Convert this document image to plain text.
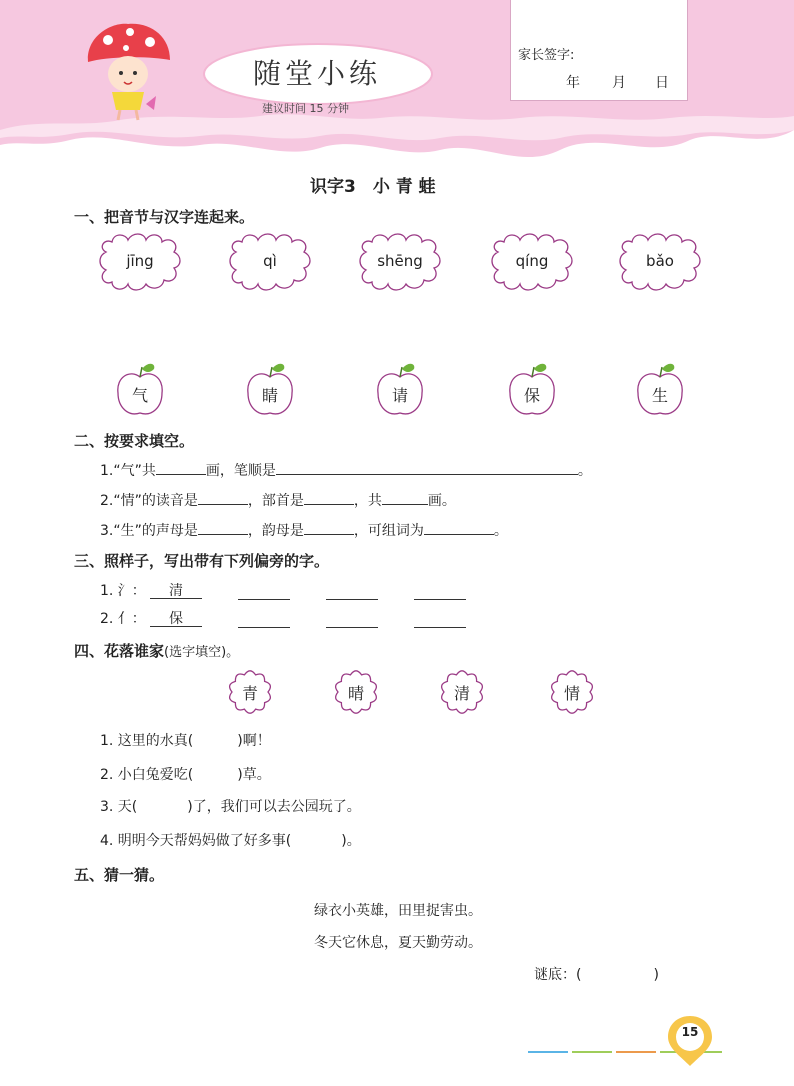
随堂小练
建议时间 15 分钟
家长签字:
年 月 日
识字3　小 青 蛙
一、把音节与汉字连起来。
jīng	qì	shēng	qíng	bǎo
气	睛	请	保	生
二、按要求填空。
1.“气”共	画，笔顺是	。
2.“情”的读音是	，部首是	，共	画。
3.“生”的声母是	，韵母是	，可组词为	。
三、照样子，写出带有下列偏旁的字。
1. 氵：	清
2. 亻：	保
四、花落谁家(选字填空)。
青	晴	清	情
1. 这里的水真(	)啊！
2. 小白兔爱吃(	)草。
3. 天(	)了，我们可以去公园玩了。
4. 明明今天帮妈妈做了好多事(	)。
五、猜一猜。
绿衣小英雄，田里捉害虫。
冬天它休息，夏天勤劳动。
谜底：(	)
15
